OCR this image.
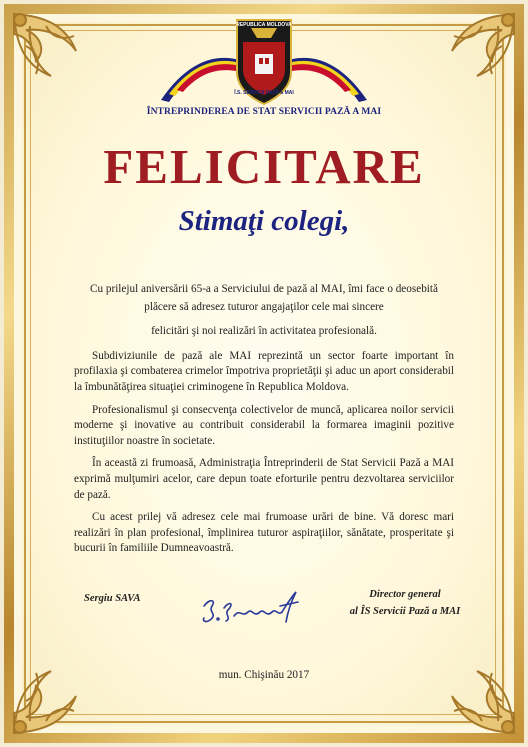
REPUBLICA MOLDOVA
Î.S. SERVICII PAZĂ a MAI
ÎNTREPRINDEREA DE STAT SERVICII PAZĂ A MAI
FELICITARE
Stimaţi colegi,

Cu prilejul aniversării 65-a a Serviciului de pază al MAI, îmi face o deosebită

plăcere să adresez tuturor angajaţilor cele mai sincere

felicitări şi noi realizări în activitatea profesională.

Subdiviziunile de pază ale MAI reprezintă un sector foarte important în profilaxia şi combaterea crimelor împotriva proprietăţii şi aduc un aport considerabil la îmbunătăţirea situaţiei criminogene în Republica Moldova.

Profesionalismul şi consecvenţa colectivelor de muncă, aplicarea noilor servicii moderne şi inovative au contribuit considerabil la formarea imaginii pozitive instituţiilor noastre în societate.

În această zi frumoasă, Administraţia Întreprinderii de Stat Servicii Pază a MAI exprimă mulţumiri acelor, care depun toate eforturile pentru dezvoltarea serviciilor de pază.

Cu acest prilej vă adresez cele mai frumoase urări de bine. Vă doresc mari realizări în plan profesional, împlinirea tuturor aspiraţiilor, sănătate, prosperitate şi bucurii în familiile Dumneavoastră.

Sergiu SAVA	Director general
al ÎS Servicii Pază a MAI
mun. Chişinău 2017
